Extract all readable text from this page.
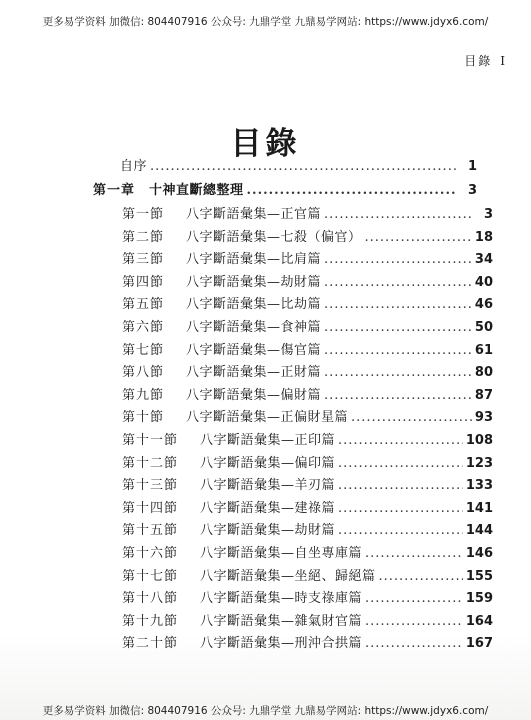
更多易学资料 加微信: 804407916 公众号: 九鼎学堂 九鼎易学网站: https://www.jdyx6.com/
目錄 I
目錄
自序 .....	1
第一章 十神直斷總整理 .....	3
第一節	八字斷語彙集—正官篇 .....	3
第二節	八字斷語彙集—七殺（偏官） .....	18
第三節	八字斷語彙集—比肩篇 .....	34
第四節	八字斷語彙集—劫財篇 .....	40
第五節	八字斷語彙集—比劫篇 .....	46
第六節	八字斷語彙集—食神篇 .....	50
第七節	八字斷語彙集—傷官篇 .....	61
第八節	八字斷語彙集—正財篇 .....	80
第九節	八字斷語彙集—偏財篇 .....	87
第十節	八字斷語彙集—正偏財星篇 .....	93
第十一節	八字斷語彙集—正印篇 .....	108
第十二節	八字斷語彙集—偏印篇 .....	123
第十三節	八字斷語彙集—羊刃篇 .....	133
第十四節	八字斷語彙集—建祿篇 .....	141
第十五節	八字斷語彙集—劫財篇 .....	144
第十六節	八字斷語彙集—自坐專庫篇 .....	146
第十七節	八字斷語彙集—坐絕、歸絕篇 .....	155
第十八節	八字斷語彙集—時支祿庫篇 .....	159
第十九節	八字斷語彙集—雜氣財官篇 .....	164
第二十節	八字斷語彙集—刑沖合拱篇 .....	167
更多易学资料 加微信: 804407916 公众号: 九鼎学堂 九鼎易学网站: https://www.jdyx6.com/
